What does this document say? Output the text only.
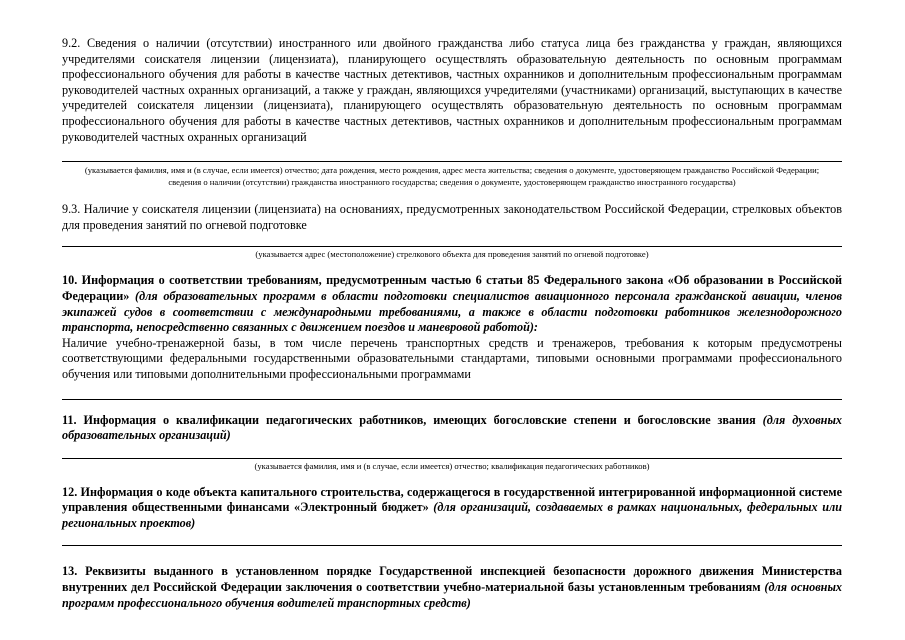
9.2. Сведения о наличии (отсутствии) иностранного или двойного гражданства либо статуса лица без гражданства у граждан, являющихся учредителями соискателя лицензии (лицензиата), планирующего осуществлять образовательную деятельность по основным программам профессионального обучения для работы в качестве частных детективов, частных охранников и дополнительным профессиональным программам руководителей частных охранных организаций, а также у граждан, являющихся учредителями (участниками) организаций, выступающих в качестве учредителей соискателя лицензии (лицензиата), планирующего осуществлять образовательную деятельность по основным программам профессионального обучения для работы в качестве частных детективов, частных охранников и дополнительным профессиональным программам руководителей частных охранных организаций

(указывается фамилия, имя и (в случае, если имеется) отчество; дата рождения, место рождения, адрес места жительства; сведения о документе, удостоверяющем гражданство Российской Федерации; сведения о наличии (отсутствии) гражданства иностранного государства; сведения о документе, удостоверяющем гражданство иностранного государства)

9.3. Наличие у соискателя лицензии (лицензиата) на основаниях, предусмотренных законодательством Российской Федерации, стрелковых объектов для проведения занятий по огневой подготовке

(указывается адрес (местоположение) стрелкового объекта для проведения занятий по огневой подготовке)

10. Информация о соответствии требованиям, предусмотренным частью 6 статьи 85 Федерального закона «Об образовании в Российской Федерации» (для образовательных программ в области подготовки специалистов авиационного персонала гражданской авиации, членов экипажей судов в соответствии с международными требованиями, а также в области подготовки работников железнодорожного транспорта, непосредственно связанных с движением поездов и маневровой работой):

Наличие учебно-тренажерной базы, в том числе перечень транспортных средств и тренажеров, требования к которым предусмотрены соответствующими федеральными государственными образовательными стандартами, типовыми основными программами профессионального обучения или типовыми дополнительными профессиональными программами

11. Информация о квалификации педагогических работников, имеющих богословские степени и богословские звания (для духовных образовательных организаций)

(указывается фамилия, имя и (в случае, если имеется) отчество; квалификация педагогических работников)

12. Информация о коде объекта капитального строительства, содержащегося в государственной интегрированной информационной системе управления общественными финансами «Электронный бюджет» (для организаций, создаваемых в рамках национальных, федеральных или региональных проектов)

13. Реквизиты выданного в установленном порядке Государственной инспекцией безопасности дорожного движения Министерства внутренних дел Российской Федерации заключения о соответствии учебно-материальной базы установленным требованиям (для основных программ профессионального обучения водителей транспортных средств)
